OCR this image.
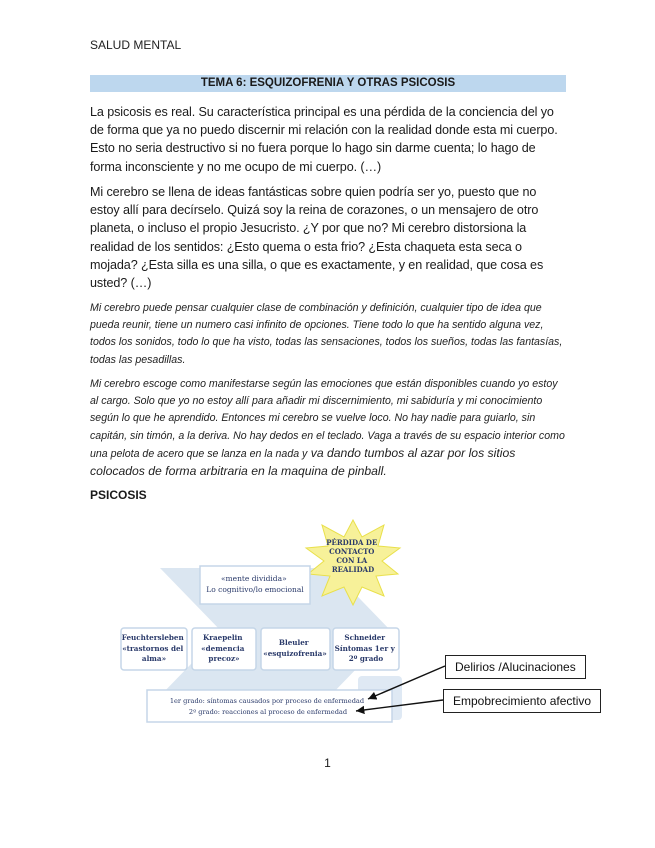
SALUD MENTAL
TEMA 6: ESQUIZOFRENIA Y OTRAS PSICOSIS

La psicosis es real. Su característica principal es una pérdida de la conciencia del yo de forma que ya no puedo discernir mi relación con la realidad donde esta mi cuerpo. Esto no seria destructivo si no fuera porque lo hago sin darme cuenta; lo hago de forma inconsciente y no me ocupo de mi cuerpo. (…)

Mi cerebro se llena de ideas fantásticas sobre quien podría ser yo, puesto que no estoy allí para decírselo. Quizá soy la reina de corazones, o un mensajero de otro planeta, o incluso el propio Jesucristo. ¿Y por que no? Mi cerebro distorsiona la realidad de los sentidos: ¿Esto quema o esta frio? ¿Esta chaqueta esta seca o mojada? ¿Esta silla es una silla, o que es exactamente, y en realidad, que cosa es usted? (…)

Mi cerebro puede pensar cualquier clase de combinación y definición, cualquier tipo de idea que pueda reunir, tiene un numero casi infinito de opciones. Tiene todo lo que ha sentido alguna vez, todos los sonidos, todo lo que ha visto, todas las sensaciones, todos los sueños, todas las fantasías, todas las pesadillas.

Mi cerebro escoge como manifestarse según las emociones que están disponibles cuando yo estoy al cargo. Solo que yo no estoy allí para añadir mi discernimiento, mi sabiduría y mi conocimiento según lo que he aprendido. Entonces mi cerebro se vuelve loco. No hay nadie para guiarlo, sin capitán, sin timón, a la deriva. No hay dedos en el teclado. Vaga a través de su espacio interior como una pelota de acero que se lanza en la nada y va dando tumbos al azar por los sitios colocados de forma arbitraria en la maquina de pinball.

PSICOSIS
PÉRDIDA DE CONTACTO CON LA REALIDAD
«mente dividida» Lo cognitivo/lo emocional
Feuchtersleben «trastornos del alma»
Kraepelin «demencia precoz»
Bleuler «esquizofrenia»
Schneider Síntomas 1er y 2º grado
1er grado: síntomas causados por proceso de enfermedad 2º grado: reacciones al proceso de enfermedad
Delirios /Alucinaciones
Empobrecimiento afectivo
1
